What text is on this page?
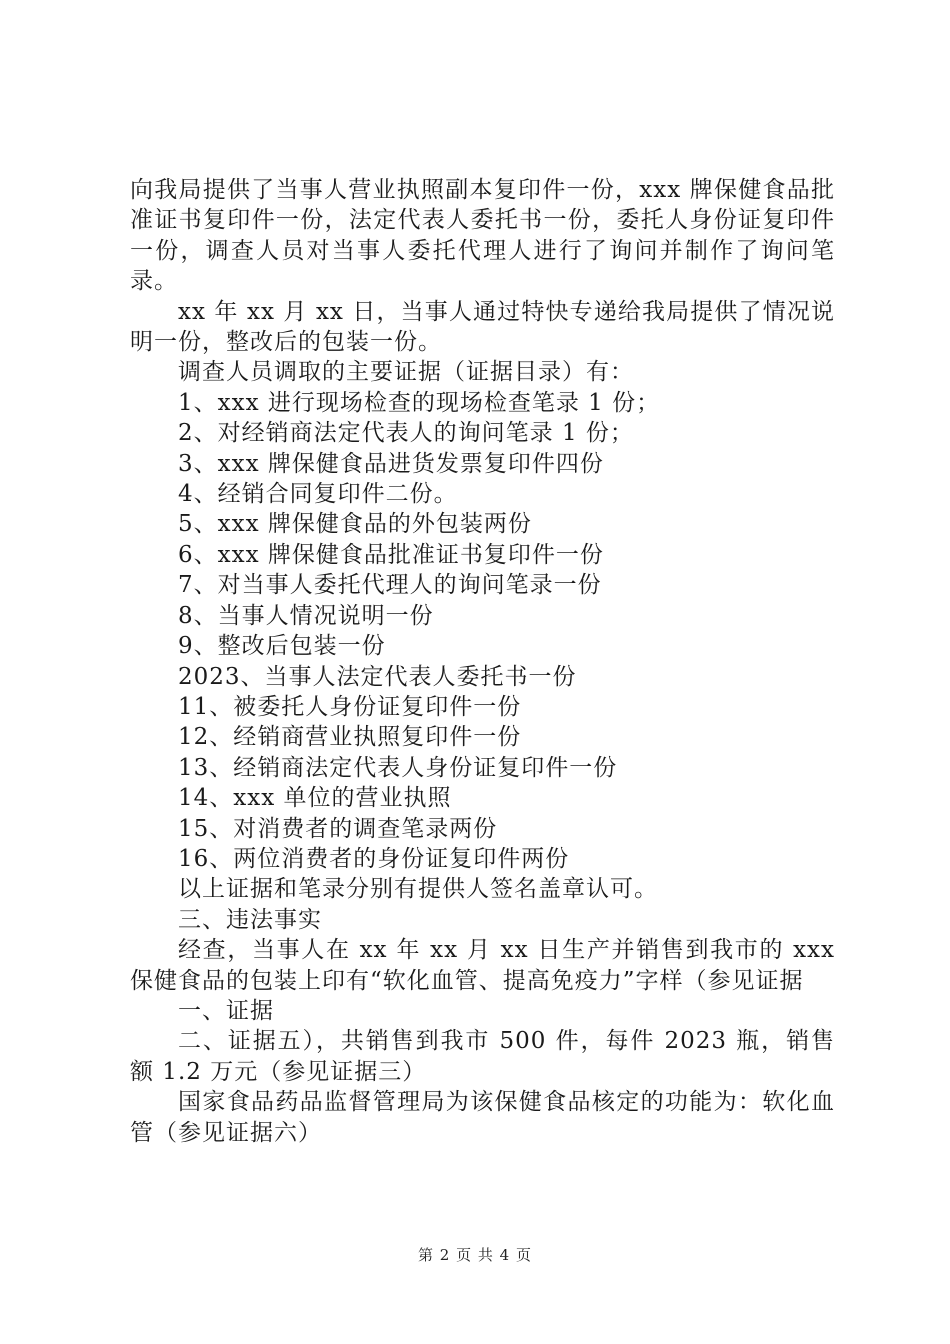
向我局提供了当事人营业执照副本复印件一份，xxx 牌保健食品批准证书复印件一份，法定代表人委托书一份，委托人身份证复印件一份，调查人员对当事人委托代理人进行了询问并制作了询问笔录。

xx 年 xx 月 xx 日，当事人通过特快专递给我局提供了情况说明一份，整改后的包装一份。

调查人员调取的主要证据（证据目录）有：

1、xxx 进行现场检查的现场检查笔录 1 份；

2、对经销商法定代表人的询问笔录 1 份；

3、xxx 牌保健食品进货发票复印件四份

4、经销合同复印件二份。

5、xxx 牌保健食品的外包装两份

6、xxx 牌保健食品批准证书复印件一份

7、对当事人委托代理人的询问笔录一份

8、当事人情况说明一份

9、整改后包装一份

2023、当事人法定代表人委托书一份

11、被委托人身份证复印件一份

12、经销商营业执照复印件一份

13、经销商法定代表人身份证复印件一份

14、xxx 单位的营业执照

15、对消费者的调查笔录两份

16、两位消费者的身份证复印件两份

以上证据和笔录分别有提供人签名盖章认可。

三、违法事实

经查，当事人在 xx 年 xx 月 xx 日生产并销售到我市的 xxx 保健食品的包装上印有“软化血管、提高免疫力”字样（参见证据

一、证据

二、证据五），共销售到我市 500 件，每件 2023 瓶，销售额 1.2 万元（参见证据三）

国家食品药品监督管理局为该保健食品核定的功能为：软化血管（参见证据六）

第 2 页 共 4 页
